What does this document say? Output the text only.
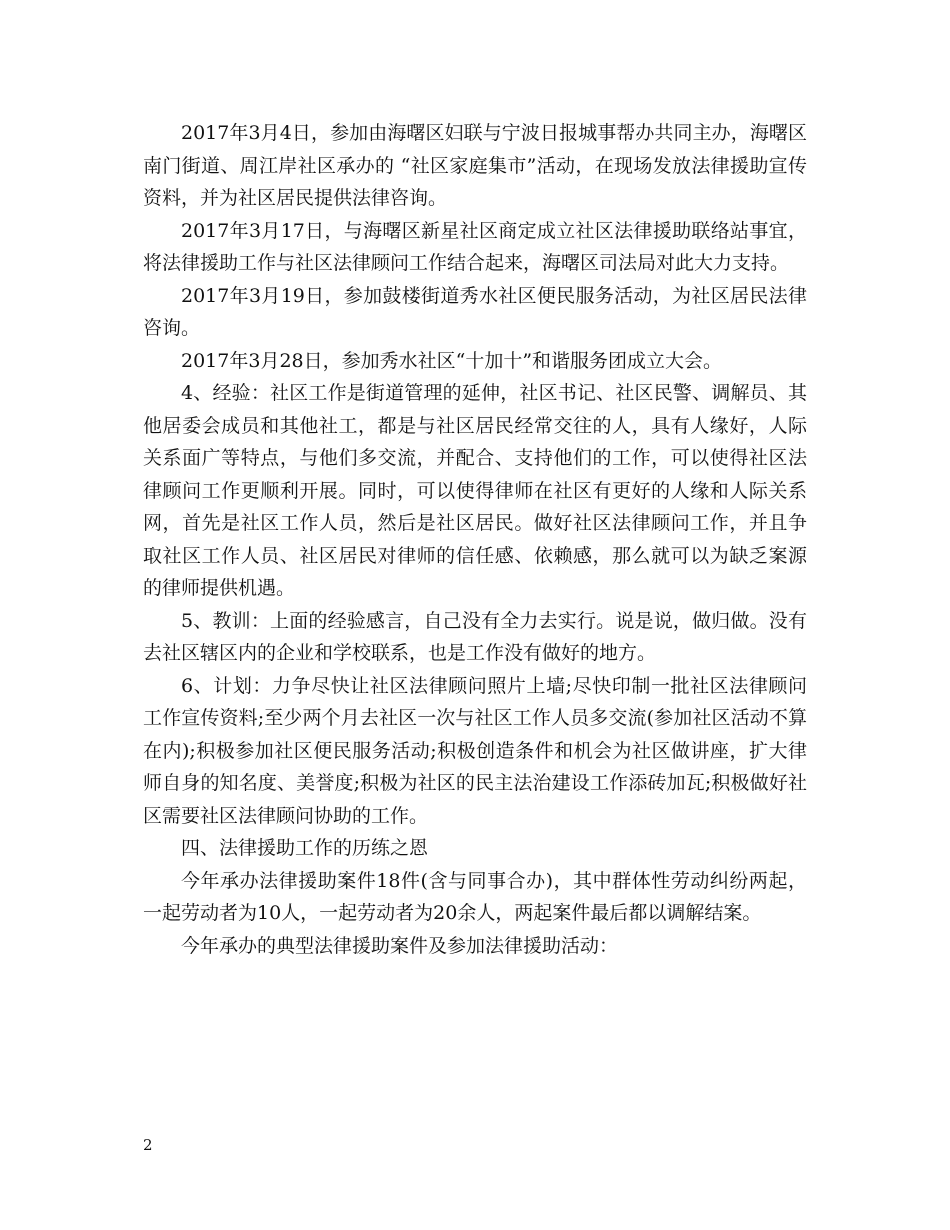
2017年3月4日，参加由海曙区妇联与宁波日报城事帮办共同主办，海曙区南门街道、周江岸社区承办的 “社区家庭集市”活动，在现场发放法律援助宣传资料，并为社区居民提供法律咨询。

2017年3月17日，与海曙区新星社区商定成立社区法律援助联络站事宜，将法律援助工作与社区法律顾问工作结合起来，海曙区司法局对此大力支持。

2017年3月19日，参加鼓楼街道秀水社区便民服务活动，为社区居民法律咨询。

2017年3月28日，参加秀水社区“十加十”和谐服务团成立大会。

4、经验：社区工作是街道管理的延伸，社区书记、社区民警、调解员、其他居委会成员和其他社工，都是与社区居民经常交往的人，具有人缘好，人际关系面广等特点，与他们多交流，并配合、支持他们的工作，可以使得社区法律顾问工作更顺利开展。同时，可以使得律师在社区有更好的人缘和人际关系网，首先是社区工作人员，然后是社区居民。做好社区法律顾问工作，并且争取社区工作人员、社区居民对律师的信任感、依赖感，那么就可以为缺乏案源的律师提供机遇。

5、教训：上面的经验感言，自己没有全力去实行。说是说，做归做。没有去社区辖区内的企业和学校联系，也是工作没有做好的地方。

6、计划：力争尽快让社区法律顾问照片上墙;尽快印制一批社区法律顾问工作宣传资料;至少两个月去社区一次与社区工作人员多交流(参加社区活动不算在内);积极参加社区便民服务活动;积极创造条件和机会为社区做讲座，扩大律师自身的知名度、美誉度;积极为社区的民主法治建设工作添砖加瓦;积极做好社区需要社区法律顾问协助的工作。

四、法律援助工作的历练之恩

今年承办法律援助案件18件(含与同事合办)，其中群体性劳动纠纷两起，一起劳动者为10人，一起劳动者为20余人，两起案件最后都以调解结案。

今年承办的典型法律援助案件及参加法律援助活动：

2
